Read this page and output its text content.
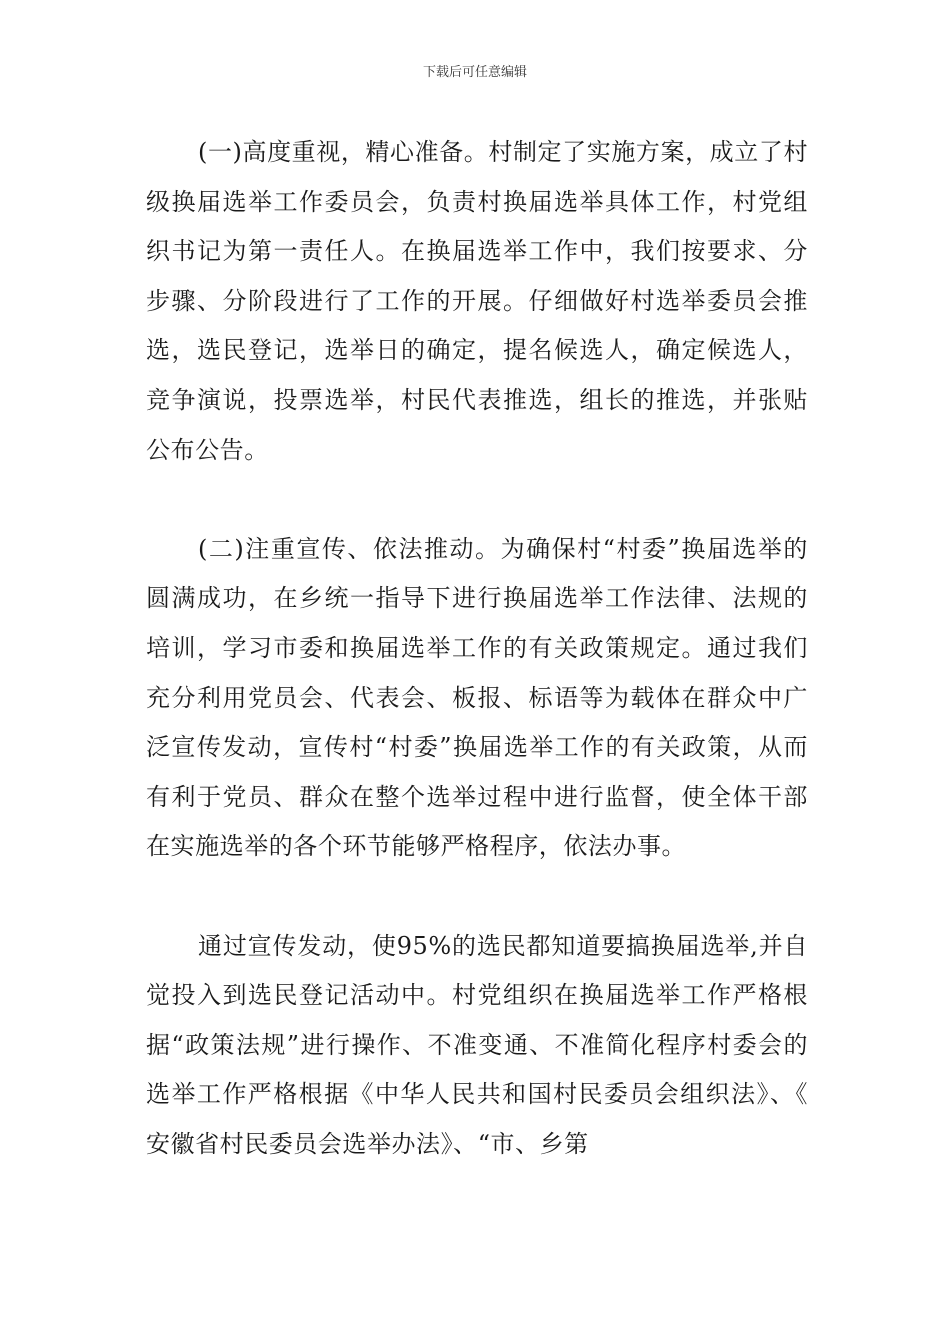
下载后可任意编辑

(一)高度重视，精心准备。村制定了实施方案，成立了村级换届选举工作委员会，负责村换届选举具体工作，村党组织书记为第一责任人。在换届选举工作中，我们按要求、分步骤、分阶段进行了工作的开展。仔细做好村选举委员会推选，选民登记，选举日的确定，提名候选人，确定候选人，竞争演说，投票选举，村民代表推选，组长的推选，并张贴公布公告。

(二)注重宣传、依法推动。为确保村“村委”换届选举的圆满成功，在乡统一指导下进行换届选举工作法律、法规的培训，学习市委和换届选举工作的有关政策规定。通过我们充分利用党员会、代表会、板报、标语等为载体在群众中广泛宣传发动，宣传村“村委”换届选举工作的有关政策，从而有利于党员、群众在整个选举过程中进行监督，使全体干部在实施选举的各个环节能够严格程序，依法办事。

通过宣传发动，使95%的选民都知道要搞换届选举,并自觉投入到选民登记活动中。村党组织在换届选举工作严格根据“政策法规”进行操作、不准变通、不准简化程序村委会的选举工作严格根据《中华人民共和国村民委员会组织法》、《安徽省村民委员会选举办法》、“市、乡第
